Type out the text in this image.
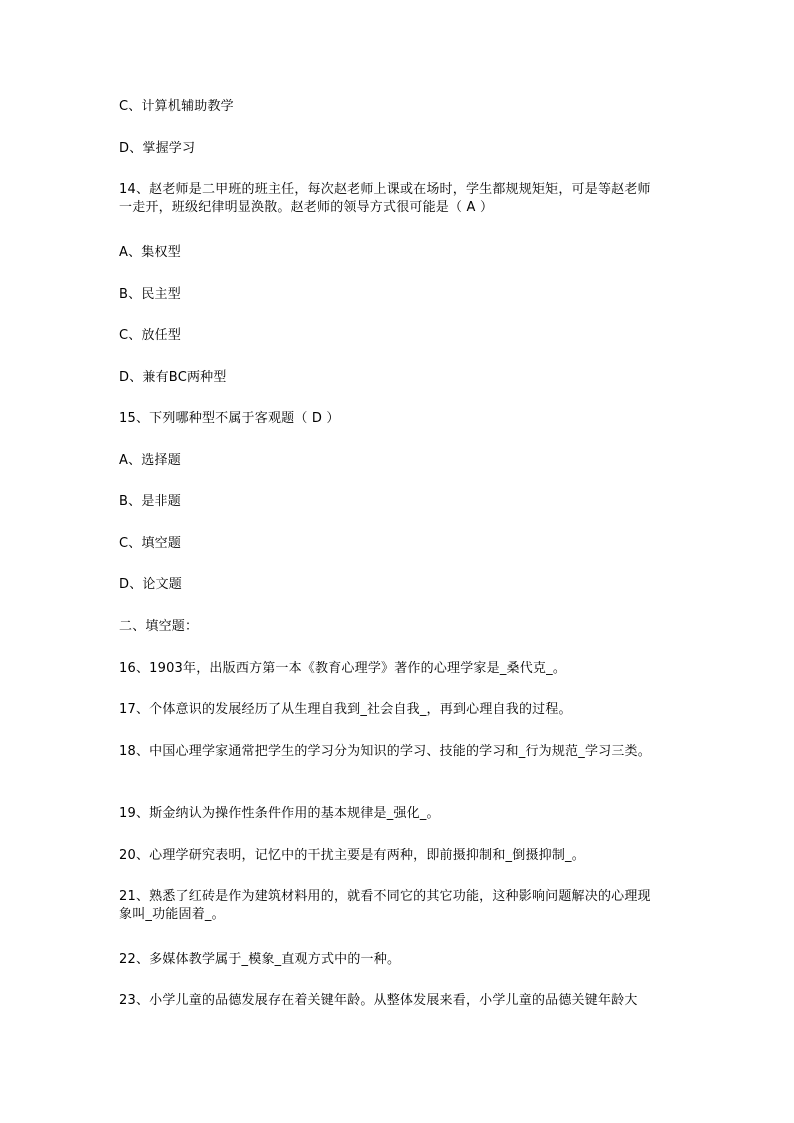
C、计算机辅助教学
D、掌握学习
14、赵老师是二甲班的班主任，每次赵老师上课或在场时，学生都规规矩矩，可是等赵老师一走开，班级纪律明显涣散。赵老师的领导方式很可能是（ A ）
A、集权型
B、民主型
C、放任型
D、兼有BC两种型
15、下列哪种型不属于客观题（ D ）
A、选择题
B、是非题
C、填空题
D、论文题
二、填空题：
16、1903年，出版西方第一本《教育心理学》著作的心理学家是_桑代克_。
17、个体意识的发展经历了从生理自我到_社会自我_，再到心理自我的过程。
18、中国心理学家通常把学生的学习分为知识的学习、技能的学习和_行为规范_学习三类。
19、斯金纳认为操作性条件作用的基本规律是_强化_。
20、心理学研究表明，记忆中的干扰主要是有两种，即前摄抑制和_倒摄抑制_。
21、熟悉了红砖是作为建筑材料用的，就看不同它的其它功能，这种影响问题解决的心理现象叫_功能固着_。
22、多媒体教学属于_模象_直观方式中的一种。
23、小学儿童的品德发展存在着关键年龄。从整体发展来看，小学儿童的品德关键年龄大
